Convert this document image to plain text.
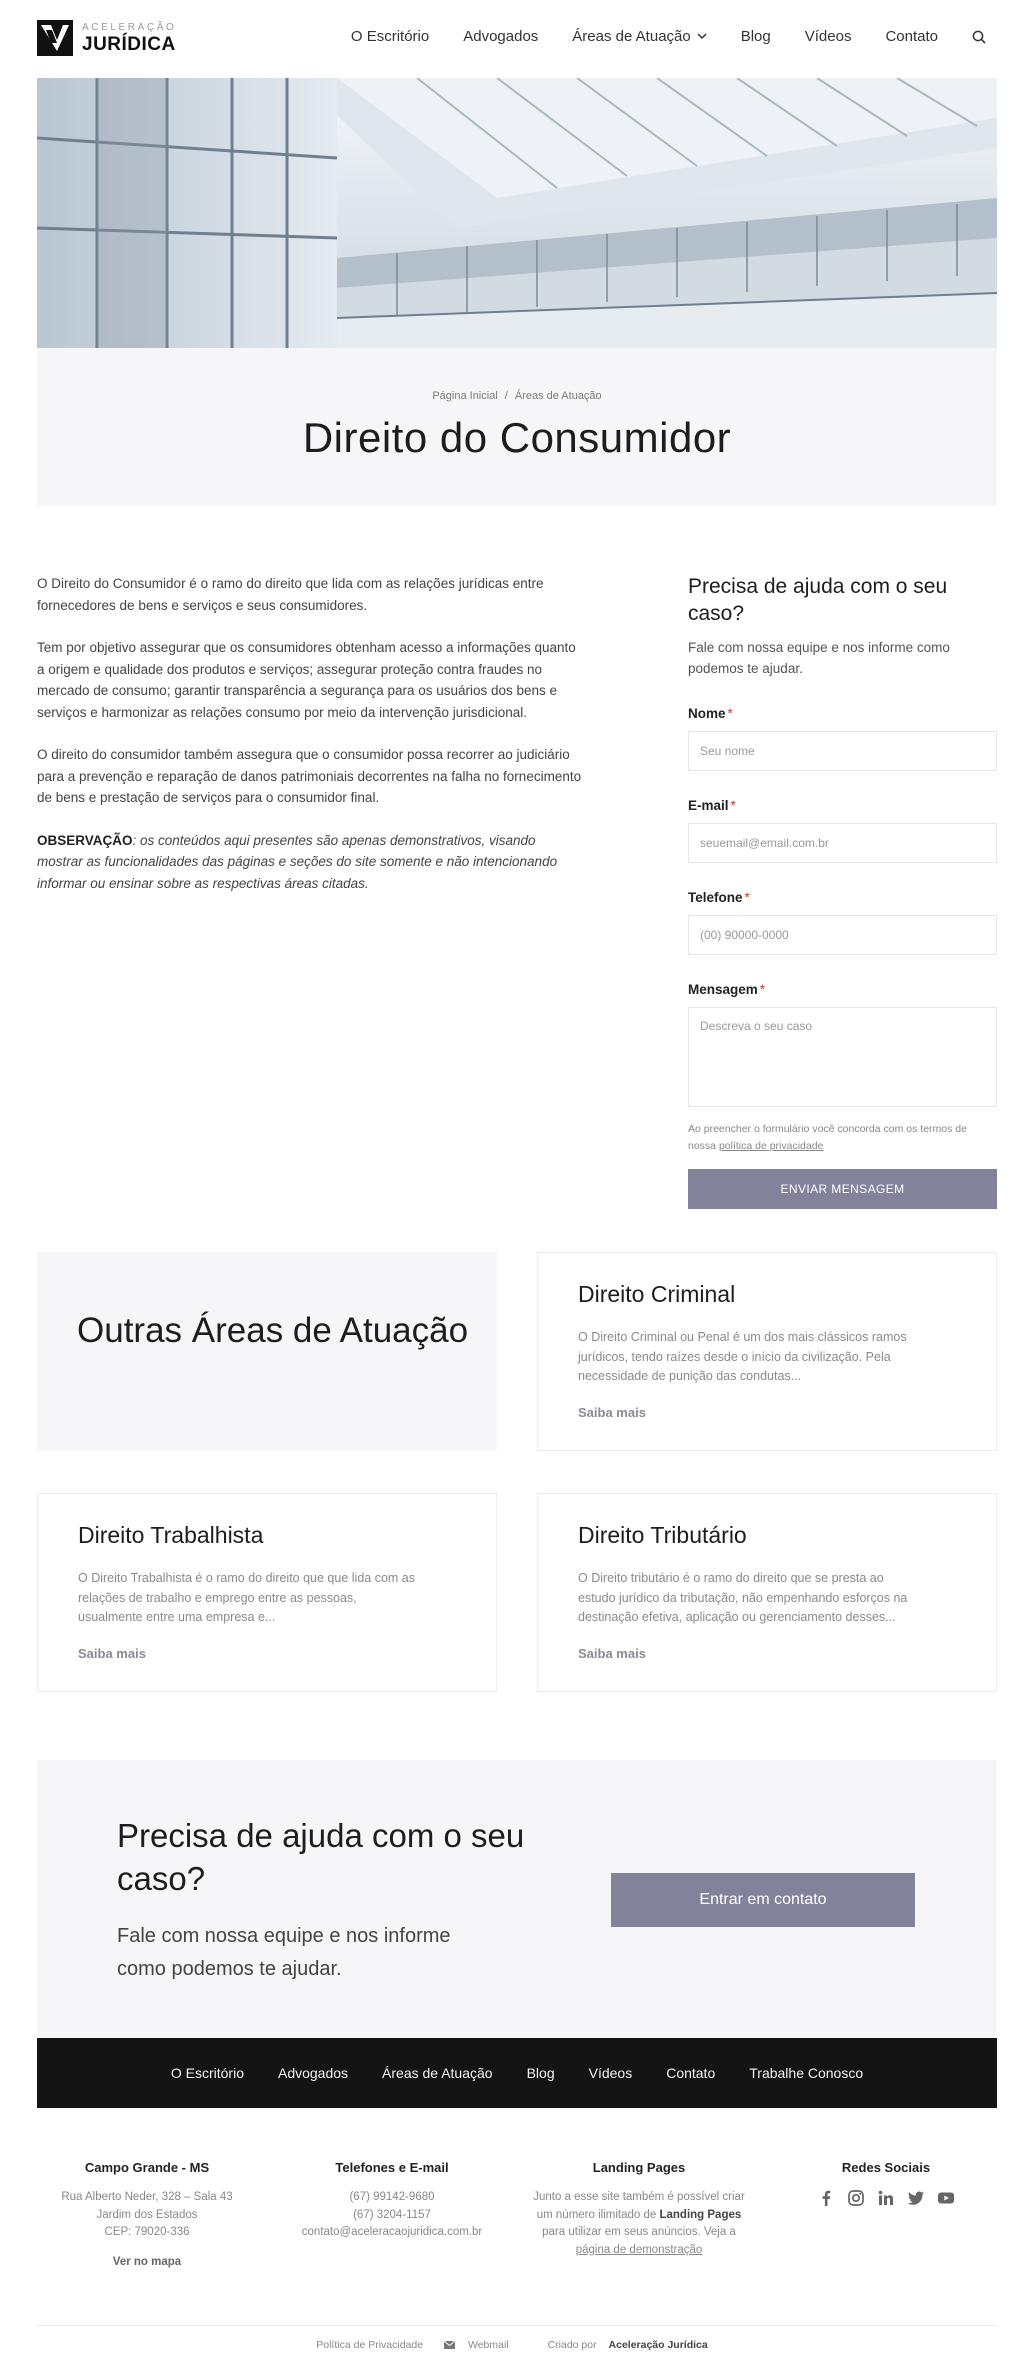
ACELERAÇÃO
JURÍDICA	O Escritório Advogados Áreas de Atuação	Blog Vídeos Contato
Página Inicial / Áreas de Atuação
Direito do Consumidor

O Direito do Consumidor é o ramo do direito que lida com as relações jurídicas entre fornecedores de bens e serviços e seus consumidores.

Tem por objetivo assegurar que os consumidores obtenham acesso a informações quanto a origem e qualidade dos produtos e serviços; assegurar proteção contra fraudes no mercado de consumo; garantir transparência a segurança para os usuários dos bens e serviços e harmonizar as relações consumo por meio da intervenção jurisdicional.

O direito do consumidor também assegura que o consumidor possa recorrer ao judiciário para a prevenção e reparação de danos patrimoniais decorrentes na falha no fornecimento de bens e prestação de serviços para o consumidor final.

OBSERVAÇÃO: os conteúdos aqui presentes são apenas demonstrativos, visando mostrar as funcionalidades das páginas e seções do site somente e não intencionando informar ou ensinar sobre as respectivas áreas citadas.

Precisa de ajuda com o seu caso?
Fale com nossa equipe e nos informe como podemos te ajudar.
Nome *
Seu nome
E-mail *
seuemail@email.com.br
Telefone *
(00) 90000-0000
Mensagem *
Descreva o seu caso
Ao preencher o formulário você concorda com os termos de nossa política de privacidade
ENVIAR MENSAGEM
Outras Áreas de Atuação
Direito Criminal

O Direito Criminal ou Penal é um dos mais clássicos ramos jurídicos, tendo raízes desde o início da civilização. Pela necessidade de punição das condutas...

Saiba mais
Direito Trabalhista

O Direito Trabalhista é o ramo do direito que que lida com as relações de trabalho e emprego entre as pessoas, usualmente entre uma empresa e...

Saiba mais
Direito Tributário

O Direito tributário é o ramo do direito que se presta ao estudo jurídico da tributação, não empenhando esforços na destinação efetiva, aplicação ou gerenciamento desses...

Saiba mais
Precisa de ajuda com o seu caso?

Fale com nossa equipe e nos informe como podemos te ajudar.

Entrar em contato
O Escritório Advogados Áreas de Atuação Blog Vídeos Contato Trabalhe Conosco
Campo Grande - MS
Rua Alberto Neder, 328 – Sala 43
Jardim dos Estados
CEP: 79020-336
Ver no mapa
Telefones e E-mail
(67) 99142-9680
(67) 3204-1157
contato@aceleracaojuridica.com.br
Landing Pages
Junto a esse site também é possível criar
um número ilimitado de Landing Pages
para utilizar em seus anúncios. Veja a
página de demonstração
Redes Sociais
Política de Privacidade	Webmail	Criado por Aceleração Jurídica
